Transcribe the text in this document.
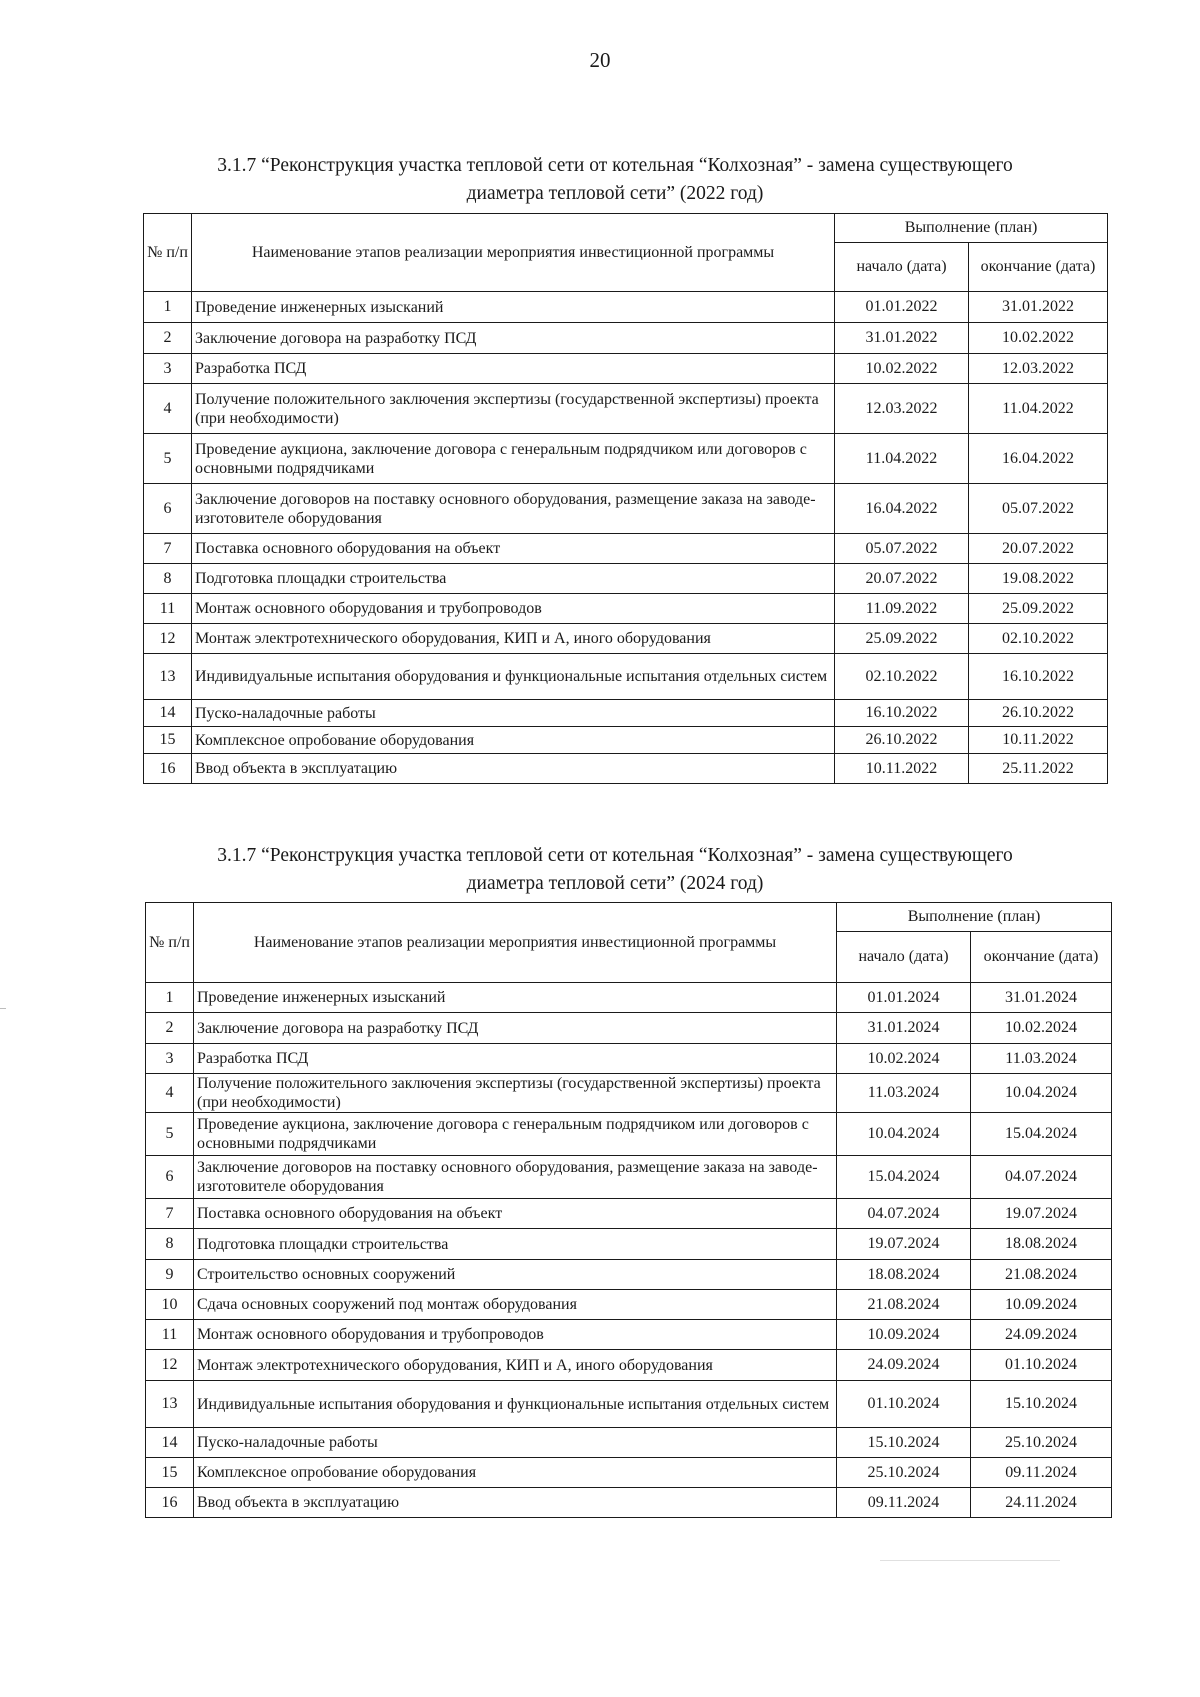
20
3.1.7 “Реконструкция участка тепловой сети от котельная “Колхозная” - замена существующего
диаметра тепловой сети” (2022 год)
№ п/п	Наименование этапов реализации мероприятия инвестиционной программы	Выполнение (план)	
		начало (дата)	окончание (дата)
1	Проведение инженерных изысканий	01.01.2022	31.01.2022
2	Заключение договора на разработку ПСД	31.01.2022	10.02.2022
3	Разработка ПСД	10.02.2022	12.03.2022
4	Получение положительного заключения экспертизы (государственной экспертизы) проекта (при необходимости)	12.03.2022	11.04.2022
5	Проведение аукциона, заключение договора с генеральным подрядчиком или договоров с основными подрядчиками	11.04.2022	16.04.2022
6	Заключение договоров на поставку основного оборудования, размещение заказа на заводе-изготовителе оборудования	16.04.2022	05.07.2022
7	Поставка основного оборудования на объект	05.07.2022	20.07.2022
8	Подготовка площадки строительства	20.07.2022	19.08.2022
11	Монтаж основного оборудования и трубопроводов	11.09.2022	25.09.2022
12	Монтаж электротехнического оборудования, КИП и А, иного оборудования	25.09.2022	02.10.2022
13	Индивидуальные испытания оборудования и функциональные испытания отдельных систем	02.10.2022	16.10.2022
14	Пуско-наладочные работы	16.10.2022	26.10.2022
15	Комплексное опробование оборудования	26.10.2022	10.11.2022
16	Ввод объекта в эксплуатацию	10.11.2022	25.11.2022
3.1.7 “Реконструкция участка тепловой сети от котельная “Колхозная” - замена существующего
диаметра тепловой сети” (2024 год)
№ п/п	Наименование этапов реализации мероприятия инвестиционной программы	Выполнение (план)	
		начало (дата)	окончание (дата)
1	Проведение инженерных изысканий	01.01.2024	31.01.2024
2	Заключение договора на разработку ПСД	31.01.2024	10.02.2024
3	Разработка ПСД	10.02.2024	11.03.2024
4	Получение положительного заключения экспертизы (государственной экспертизы) проекта (при необходимости)	11.03.2024	10.04.2024
5	Проведение аукциона, заключение договора с генеральным подрядчиком или договоров с основными подрядчиками	10.04.2024	15.04.2024
6	Заключение договоров на поставку основного оборудования, размещение заказа на заводе-изготовителе оборудования	15.04.2024	04.07.2024
7	Поставка основного оборудования на объект	04.07.2024	19.07.2024
8	Подготовка площадки строительства	19.07.2024	18.08.2024
9	Строительство основных сооружений	18.08.2024	21.08.2024
10	Сдача основных сооружений под монтаж оборудования	21.08.2024	10.09.2024
11	Монтаж основного оборудования и трубопроводов	10.09.2024	24.09.2024
12	Монтаж электротехнического оборудования, КИП и А, иного оборудования	24.09.2024	01.10.2024
13	Индивидуальные испытания оборудования и функциональные испытания отдельных систем	01.10.2024	15.10.2024
14	Пуско-наладочные работы	15.10.2024	25.10.2024
15	Комплексное опробование оборудования	25.10.2024	09.11.2024
16	Ввод объекта в эксплуатацию	09.11.2024	24.11.2024
